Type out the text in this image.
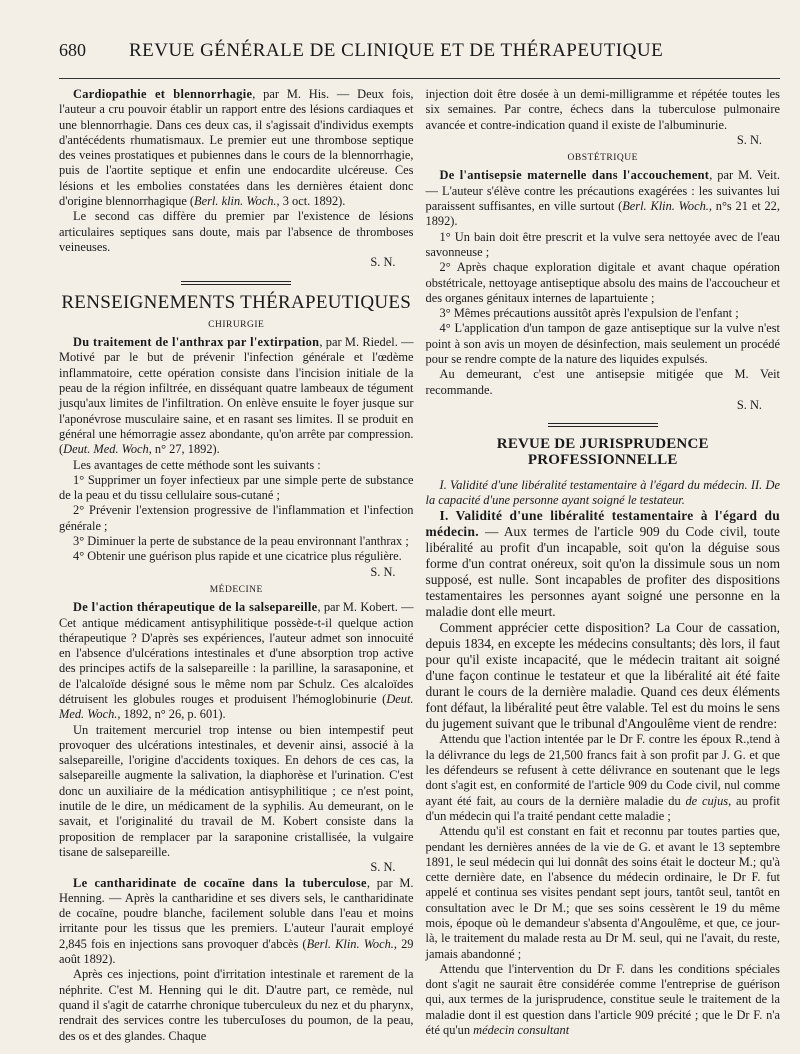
680	REVUE GÉNÉRALE DE CLINIQUE ET DE THÉRAPEUTIQUE

Cardiopathie et blennorrhagie, par M. His. — Deux fois, l'auteur a cru pouvoir établir un rapport entre des lésions cardiaques et une blennorrhagie. Dans ces deux cas, il s'agissait d'individus exempts d'antécédents rhumatismaux. Le premier eut une thrombose septique des veines prostatiques et pubiennes dans le cours de la blennorrhagie, puis de l'aortite septique et enfin une endocardite ulcéreuse. Ces lésions et les embolies constatées dans les dernières étaient donc d'origine blennorrhagique (Berl. klin. Woch., 3 oct. 1892).

Le second cas diffère du premier par l'existence de lésions articulaires septiques sans doute, mais par l'absence de thromboses veineuses.

S. N.
RENSEIGNEMENTS THÉRAPEUTIQUES
CHIRURGIE

Du traitement de l'anthrax par l'extirpation, par M. Riedel. — Motivé par le but de prévenir l'infection générale et l'œdème inflammatoire, cette opération consiste dans l'incision initiale de la peau de la région infiltrée, en disséquant quatre lambeaux de tégument jusqu'aux limites de l'infiltration. On enlève ensuite le foyer jusque sur l'aponévrose musculaire saine, et en rasant ses limites. Il se produit en général une hémorragie assez abondante, qu'on arrête par compression. (Deut. Med. Woch, n° 27, 1892).

Les avantages de cette méthode sont les suivants :

1° Supprimer un foyer infectieux par une simple perte de substance de la peau et du tissu cellulaire sous-cutané ;

2° Prévenir l'extension progressive de l'inflammation et l'infection générale ;

3° Diminuer la perte de substance de la peau environnant l'anthrax ;

4° Obtenir une guérison plus rapide et une cicatrice plus régulière.

S. N.
MÉDECINE

De l'action thérapeutique de la salsepareille, par M. Kobert. — Cet antique médicament antisyphilitique possède-t-il quelque action thérapeutique ? D'après ses expériences, l'auteur admet son innocuité en l'absence d'ulcérations intestinales et d'une absorption trop active des principes actifs de la salsepareille : la parilline, la sarasaponine, et de l'alcaloïde désigné sous le même nom par Schulz. Ces alcaloïdes détruisent les globules rouges et produisent l'hémoglobinurie (Deut. Med. Woch., 1892, n° 26, p. 601).

Un traitement mercuriel trop intense ou bien intempestif peut provoquer des ulcérations intestinales, et devenir ainsi, associé à la salsepareille, l'origine d'accidents toxiques. En dehors de ces cas, la salsepareille augmente la salivation, la diaphorèse et l'urination. C'est donc un auxiliaire de la médication antisyphilitique ; ce n'est point, inutile de le dire, un médicament de la syphilis. Au demeurant, on le savait, et l'originalité du travail de M. Kobert consiste dans la proposition de remplacer par la saraponine cristallisée, la vulgaire tisane de salsepareille.

S. N.

Le cantharidinate de cocaïne dans la tuberculose, par M. Henning. — Après la cantharidine et ses divers sels, le cantharidinate de cocaïne, poudre blanche, facilement soluble dans l'eau et moins irritante pour les tissus que les premiers. L'auteur l'aurait employé 2,845 fois en injections sans provoquer d'abcès (Berl. Klin. Woch., 29 août 1892).

Après ces injections, point d'irritation intestinale et rarement de la néphrite. C'est M. Henning qui le dit. D'autre part, ce remède, nul quand il s'agit de catarrhe chronique tuberculeux du nez et du pharynx, rendrait des services contre les tubercuIoses du poumon, de la peau, des os et des glandes. Chaque

injection doit être dosée à un demi-milligramme et répétée toutes les six semaines. Par contre, échecs dans la tuberculose pulmonaire avancée et contre-indication quand il existe de l'albuminurie.

S. N.
OBSTÉTRIQUE

De l'antisepsie maternelle dans l'accouchement, par M. Veit. — L'auteur s'élève contre les précautions exagérées : les suivantes lui paraissent suffisantes, en ville surtout (Berl. Klin. Woch., n°s 21 et 22, 1892).

1° Un bain doit être prescrit et la vulve sera nettoyée avec de l'eau savonneuse ;

2° Après chaque exploration digitale et avant chaque opération obstétricale, nettoyage antiseptique absolu des mains de l'accoucheur et des organes génitaux internes de lapartuiente ;

3° Mêmes précautions aussitôt après l'expulsion de l'enfant ;

4° L'application d'un tampon de gaze antiseptique sur la vulve n'est point à son avis un moyen de désinfection, mais seulement un procédé pour se rendre compte de la nature des liquides expulsés.

Au demeurant, c'est une antisepsie mitigée que M. Veit recommande.

S. N.
REVUE DE JURISPRUDENCE PROFESSIONNELLE

I. Validité d'une libéralité testamentaire à l'égard du médecin. II. De la capacité d'une personne ayant soigné le testateur.

I. Validité d'une libéralité testamentaire à l'égard du médecin. — Aux termes de l'article 909 du Code civil, toute libéralité au profit d'un incapable, soit qu'on la déguise sous forme d'un contrat onéreux, soit qu'on la dissimule sous un nom supposé, est nulle. Sont incapables de profiter des dispositions testamentaires les personnes ayant soigné une personne en la maladie dont elle meurt.

Comment apprécier cette disposition? La Cour de cassation, depuis 1834, en excepte les médecins consultants; dès lors, il faut pour qu'il existe incapacité, que le médecin traitant ait soigné d'une façon continue le testateur et que la libéralité ait été faite durant le cours de la dernière maladie. Quand ces deux éléments font défaut, la libéralité peut être valable. Tel est du moins le sens du jugement suivant que le tribunal d'Angoulême vient de rendre:

Attendu que l'action intentée par le Dr F. contre les époux R.,tend à la délivrance du legs de 21,500 francs fait à son profit par J. G. et que les défendeurs se refusent à cette délivrance en soutenant que le legs dont s'agit est, en conformité de l'article 909 du Code civil, nul comme ayant été fait, au cours de la dernière maladie du de cujus, au profit d'un médecin qui l'a traité pendant cette maladie ;

Attendu qu'il est constant en fait et reconnu par toutes parties que, pendant les dernières années de la vie de G. et avant le 13 septembre 1891, le seul médecin qui lui donnât des soins était le docteur M.; qu'à cette dernière date, en l'absence du médecin ordinaire, le Dr F. fut appelé et continua ses visites pendant sept jours, tantôt seul, tantôt en consultation avec le Dr M.; que ses soins cessèrent le 19 du même mois, époque où le demandeur s'absenta d'Angoulême, et que, ce jour-là, le traitement du malade resta au Dr M. seul, qui ne l'avait, du reste, jamais abandonné ;

Attendu que l'intervention du Dr F. dans les conditions spéciales dont s'agit ne saurait être considérée comme l'entreprise de guérison qui, aux termes de la jurisprudence, constitue seule le traitement de la maladie dont il est question dans l'article 909 précité ; que le Dr F. n'a été qu'un médecin consultant
